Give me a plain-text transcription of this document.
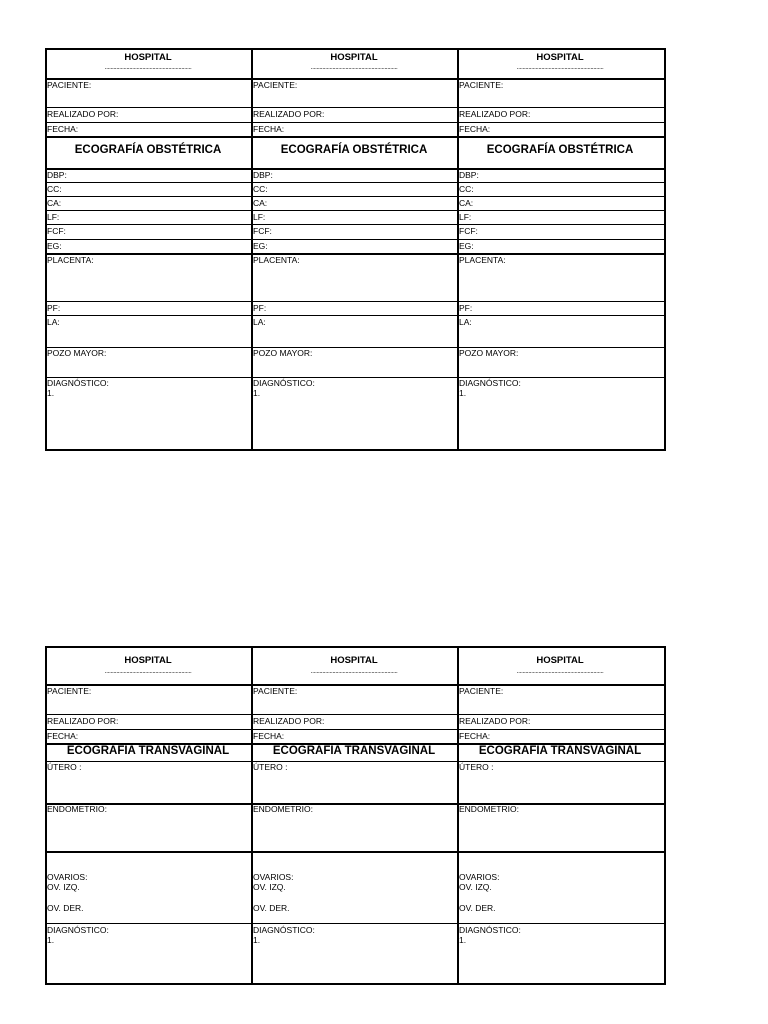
HOSPITAL
............................................................
PACIENTE:
REALIZADO POR:
FECHA:
ECOGRAFÍA OBSTÉTRICA
DBP:
CC:
CA:
LF:
FCF:
EG:
PLACENTA:
PF:
LA:
POZO MAYOR:
DIAGNÓSTICO:
1.
HOSPITAL
............................................................
PACIENTE:
REALIZADO POR:
FECHA:
ECOGRAFÍA OBSTÉTRICA
DBP:
CC:
CA:
LF:
FCF:
EG:
PLACENTA:
PF:
LA:
POZO MAYOR:
DIAGNÓSTICO:
1.
HOSPITAL
............................................................
PACIENTE:
REALIZADO POR:
FECHA:
ECOGRAFÍA OBSTÉTRICA
DBP:
CC:
CA:
LF:
FCF:
EG:
PLACENTA:
PF:
LA:
POZO MAYOR:
DIAGNÓSTICO:
1.
HOSPITAL
............................................................
PACIENTE:
REALIZADO POR:
FECHA:
ECOGRAFÍA TRANSVAGINAL
ÚTERO :
ENDOMETRIO:
OVARIOS:
OV. IZQ.
OV. DER.
DIAGNÓSTICO:
1.
HOSPITAL
............................................................
PACIENTE:
REALIZADO POR:
FECHA:
ECOGRAFÍA TRANSVAGINAL
ÚTERO :
ENDOMETRIO:
OVARIOS:
OV. IZQ.
OV. DER.
DIAGNÓSTICO:
1.
HOSPITAL
............................................................
PACIENTE:
REALIZADO POR:
FECHA:
ECOGRAFÍA TRANSVAGINAL
ÚTERO :
ENDOMETRIO:
OVARIOS:
OV. IZQ.
OV. DER.
DIAGNÓSTICO:
1.
